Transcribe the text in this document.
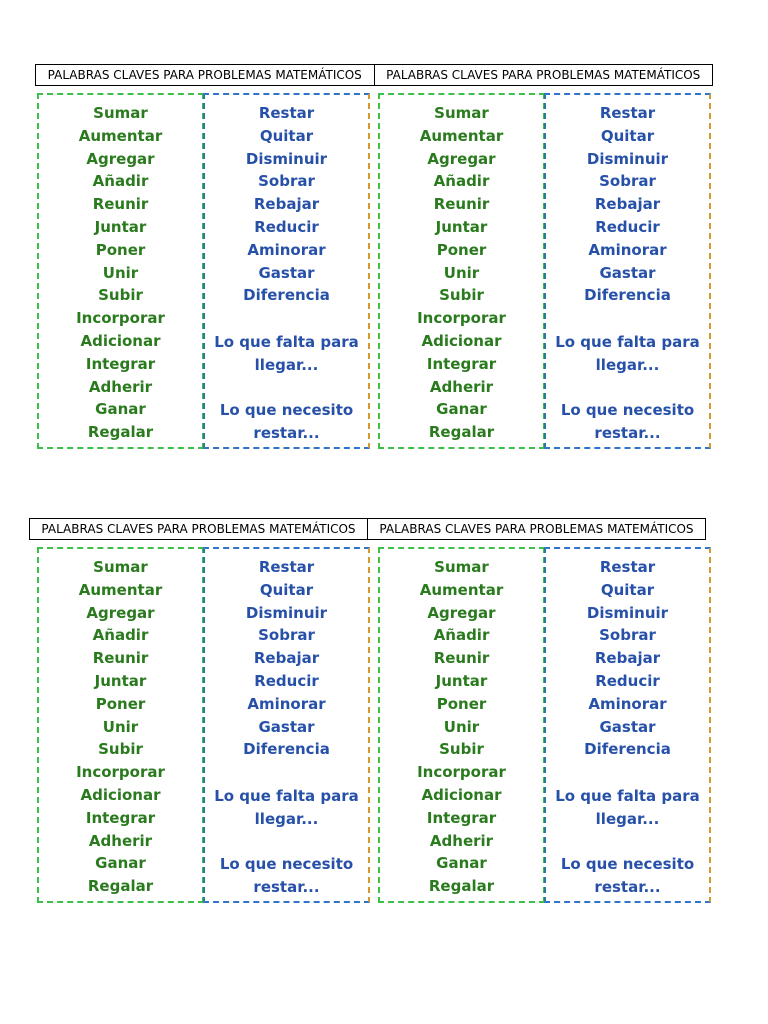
PALABRAS CLAVES PARA PROBLEMAS MATEMÁTICOS	PALABRAS CLAVES PARA PROBLEMAS MATEMÁTICOS
Sumar
Aumentar
Agregar
Añadir
Reunir
Juntar
Poner
Unir
Subir
Incorporar
Adicionar
Integrar
Adherir
Ganar
Regalar
Restar
Quitar
Disminuir
Sobrar
Rebajar
Reducir
Aminorar
Gastar
Diferencia
Lo que falta para
llegar...
Lo que necesito
restar...
Sumar
Aumentar
Agregar
Añadir
Reunir
Juntar
Poner
Unir
Subir
Incorporar
Adicionar
Integrar
Adherir
Ganar
Regalar
Restar
Quitar
Disminuir
Sobrar
Rebajar
Reducir
Aminorar
Gastar
Diferencia
Lo que falta para
llegar...
Lo que necesito
restar...
PALABRAS CLAVES PARA PROBLEMAS MATEMÁTICOS	PALABRAS CLAVES PARA PROBLEMAS MATEMÁTICOS
Sumar
Aumentar
Agregar
Añadir
Reunir
Juntar
Poner
Unir
Subir
Incorporar
Adicionar
Integrar
Adherir
Ganar
Regalar
Restar
Quitar
Disminuir
Sobrar
Rebajar
Reducir
Aminorar
Gastar
Diferencia
Lo que falta para
llegar...
Lo que necesito
restar...
Sumar
Aumentar
Agregar
Añadir
Reunir
Juntar
Poner
Unir
Subir
Incorporar
Adicionar
Integrar
Adherir
Ganar
Regalar
Restar
Quitar
Disminuir
Sobrar
Rebajar
Reducir
Aminorar
Gastar
Diferencia
Lo que falta para
llegar...
Lo que necesito
restar...
